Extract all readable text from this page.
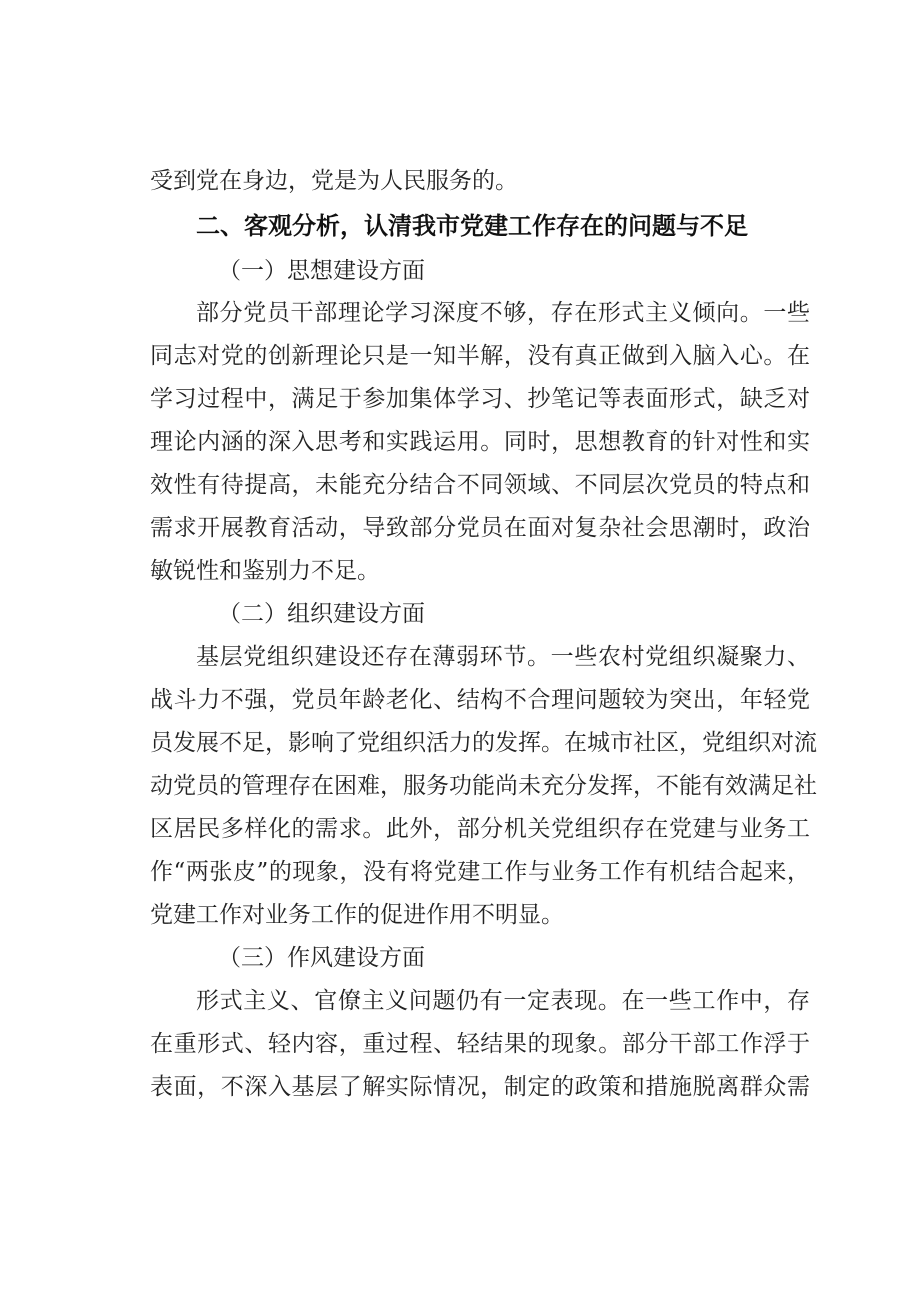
受到党在身边，党是为人民服务的。
二、客观分析，认清我市党建工作存在的问题与不足
（一）思想建设方面
部分党员干部理论学习深度不够，存在形式主义倾向。一些
同志对党的创新理论只是一知半解，没有真正做到入脑入心。在
学习过程中，满足于参加集体学习、抄笔记等表面形式，缺乏对
理论内涵的深入思考和实践运用。同时，思想教育的针对性和实
效性有待提高，未能充分结合不同领域、不同层次党员的特点和
需求开展教育活动，导致部分党员在面对复杂社会思潮时，政治
敏锐性和鉴别力不足。
（二）组织建设方面
基层党组织建设还存在薄弱环节。一些农村党组织凝聚力、
战斗力不强，党员年龄老化、结构不合理问题较为突出，年轻党
员发展不足，影响了党组织活力的发挥。在城市社区，党组织对流
动党员的管理存在困难，服务功能尚未充分发挥，不能有效满足社
区居民多样化的需求。此外，部分机关党组织存在党建与业务工
作“两张皮”的现象，没有将党建工作与业务工作有机结合起来，
党建工作对业务工作的促进作用不明显。
（三）作风建设方面
形式主义、官僚主义问题仍有一定表现。在一些工作中，存
在重形式、轻内容，重过程、轻结果的现象。部分干部工作浮于
表面，不深入基层了解实际情况，制定的政策和措施脱离群众需
